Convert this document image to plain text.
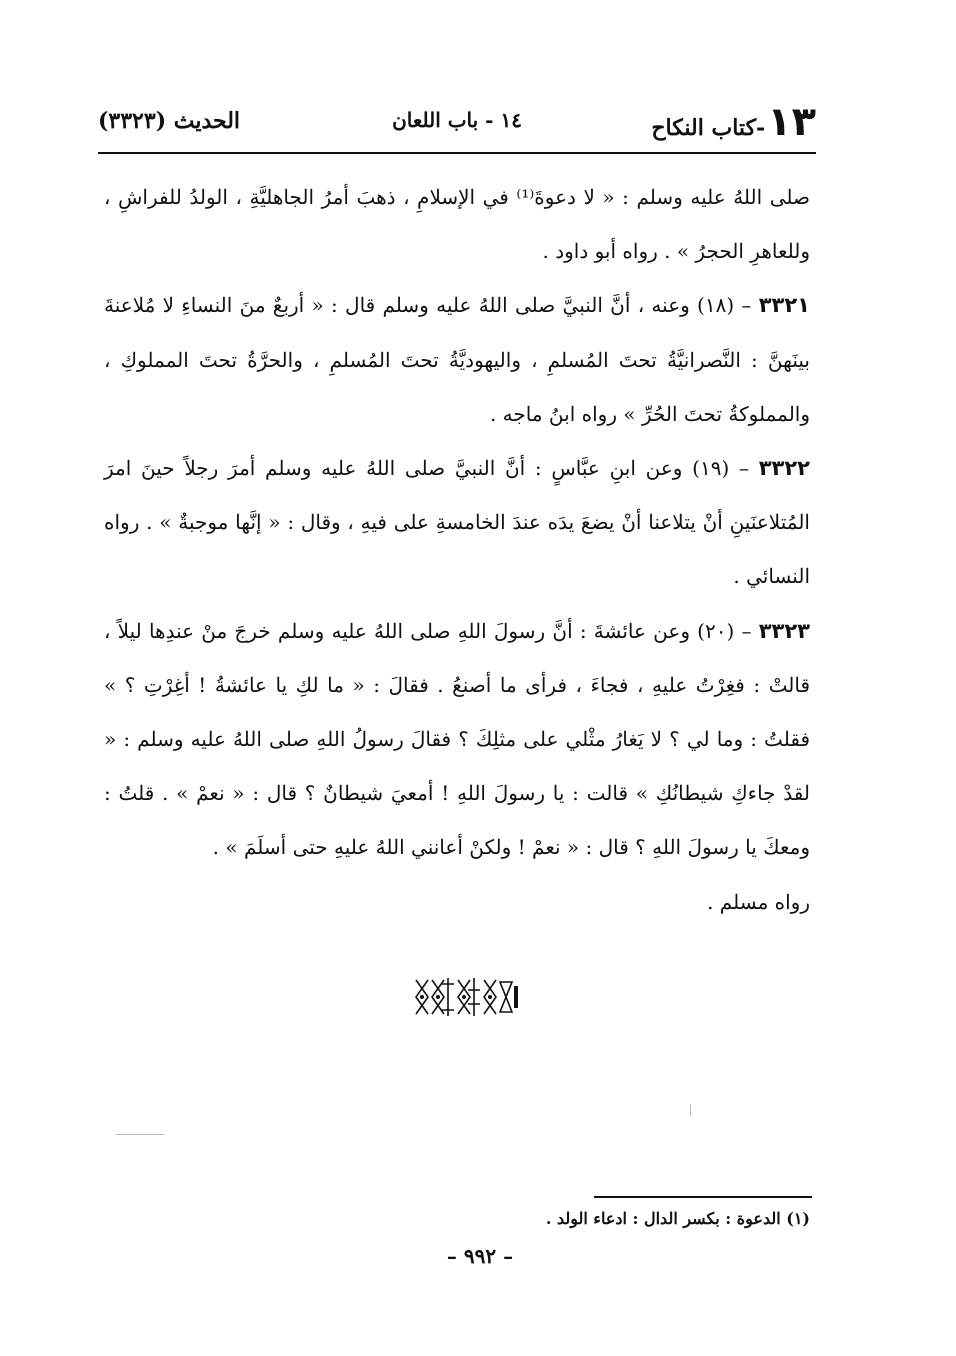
١٣
-كتاب النكاح
١٤ - باب اللعان
الحديث (٣٣٢٣)

صلى اللهُ عليه وسلم : « لا دعوةَ⁽¹⁾ في الإسلامِ ، ذهبَ أمرُ الجاهليَّةِ ، الولدُ للفراشِ ، وللعاهرِ الحجرُ » . رواه أبو داود .

٣٣٢١ – (١٨) وعنه ، أنَّ النبيَّ صلى اللهُ عليه وسلم قال : « أربعٌ منَ النساءِ لا مُلاعنةَ بينَهنَّ : النَّصرانيَّةُ تحتَ المُسلمِ ، واليهوديَّةُ تحتَ المُسلمِ ، والحرَّةُ تحتَ المملوكِ ، والمملوكةُ تحتَ الحُرِّ » رواه ابنُ ماجه .

٣٣٢٢ – (١٩) وعن ابنِ عبَّاسٍ : أنَّ النبيَّ صلى اللهُ عليه وسلم أمرَ رجلاً حينَ امرَ المُتلاعنَينِ أنْ يتلاعنا أنْ يضعَ يدَه عندَ الخامسةِ على فيهِ ، وقال : « إنَّها موجبةٌ » . رواه النسائي .

٣٣٢٣ – (٢٠) وعن عائشةَ : أنَّ رسولَ اللهِ صلى اللهُ عليه وسلم خرجَ منْ عندِها ليلاً ، قالتْ : فغِرْتُ عليهِ ، فجاءَ ، فرأى ما أصنعُ . فقالَ : « ما لكِ يا عائشةُ ! أغِرْتِ ؟ » فقلتُ : وما لي ؟ لا يَغارُ مثْلي على مثلِكَ ؟ فقالَ رسولُ اللهِ صلى اللهُ عليه وسلم : « لقدْ جاءكِ شيطانُكِ » قالت : يا رسولَ اللهِ ! أمعيَ شيطانٌ ؟ قال : « نعمْ » . قلتُ : ومعكَ يا رسولَ اللهِ ؟ قال : « نعمْ ! ولكنْ أعانني اللهُ عليهِ حتى أسلَمَ » .

رواه مسلم .

(١) الدعوة : بكسر الدال : ادعاء الولد .
– ٩٩٢ –
